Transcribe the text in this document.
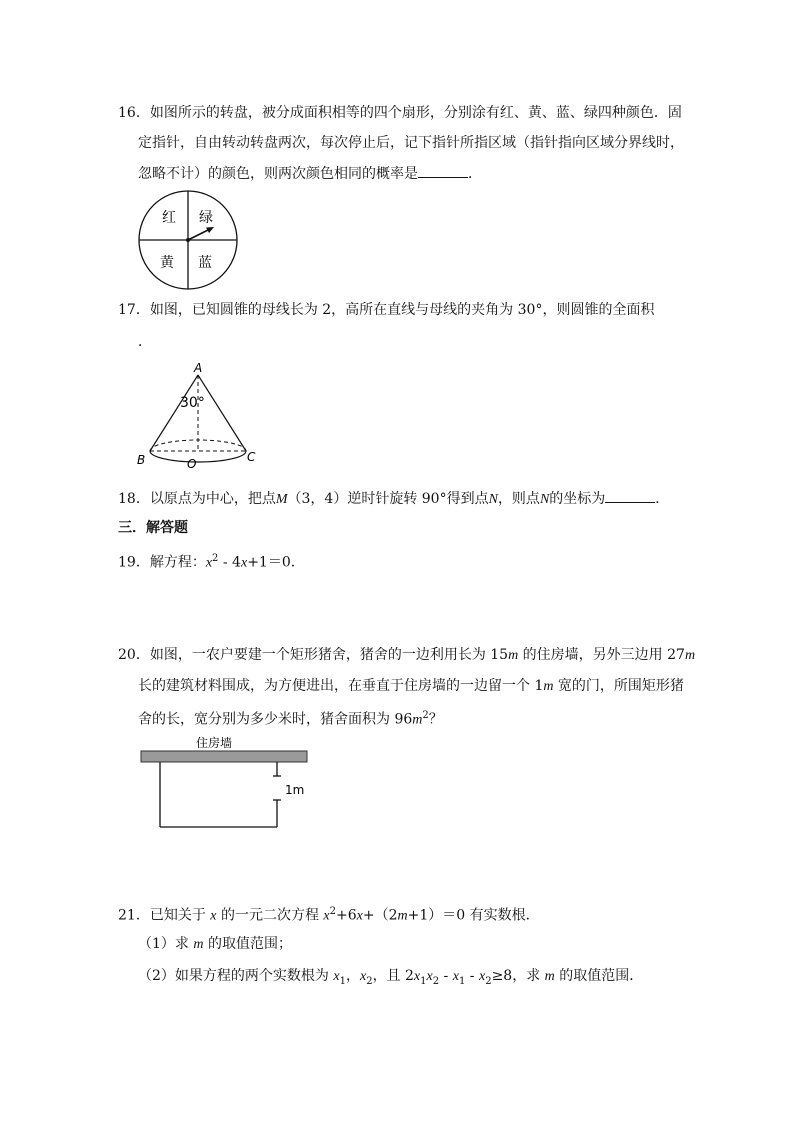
16．如图所示的转盘，被分成面积相等的四个扇形，分别涂有红、黄、蓝、绿四种颜色．固
定指针，自由转动转盘两次，每次停止后，记下指针所指区域（指针指向区域分界线时，
忽略不计）的颜色，则两次颜色相同的概率是	．
红 绿
黄 蓝
17．如图，已知圆锥的母线长为 2，高所在直线与母线的夹角为 30°，则圆锥的全面积
．
A
30°
B	C
O
18．以原点为中心，把点M（3，4）逆时针旋转 90°得到点N，则点N的坐标为	．
三．解答题
19．解方程：$x^2 - 4x+1=0$．
20．如图，一农户要建一个矩形猪舍，猪舍的一边利用长为 15m 的住房墙，另外三边用 27m
长的建筑材料围成，为方便进出，在垂直于住房墙的一边留一个 1m 宽的门，所围矩形猪
舍的长，宽分别为多少米时，猪舍面积为 $96m^2$？
住房墙
1m
21．已知关于 x 的一元二次方程 $x^2+6x+(2m+1)=0$ 有实数根．
（1）求 m 的取值范围；
（2）如果方程的两个实数根为 $x_1$，$x_2$，且 $2x_1x_2 - x_1 - x_2\ge 8$，求 m 的取值范围．
